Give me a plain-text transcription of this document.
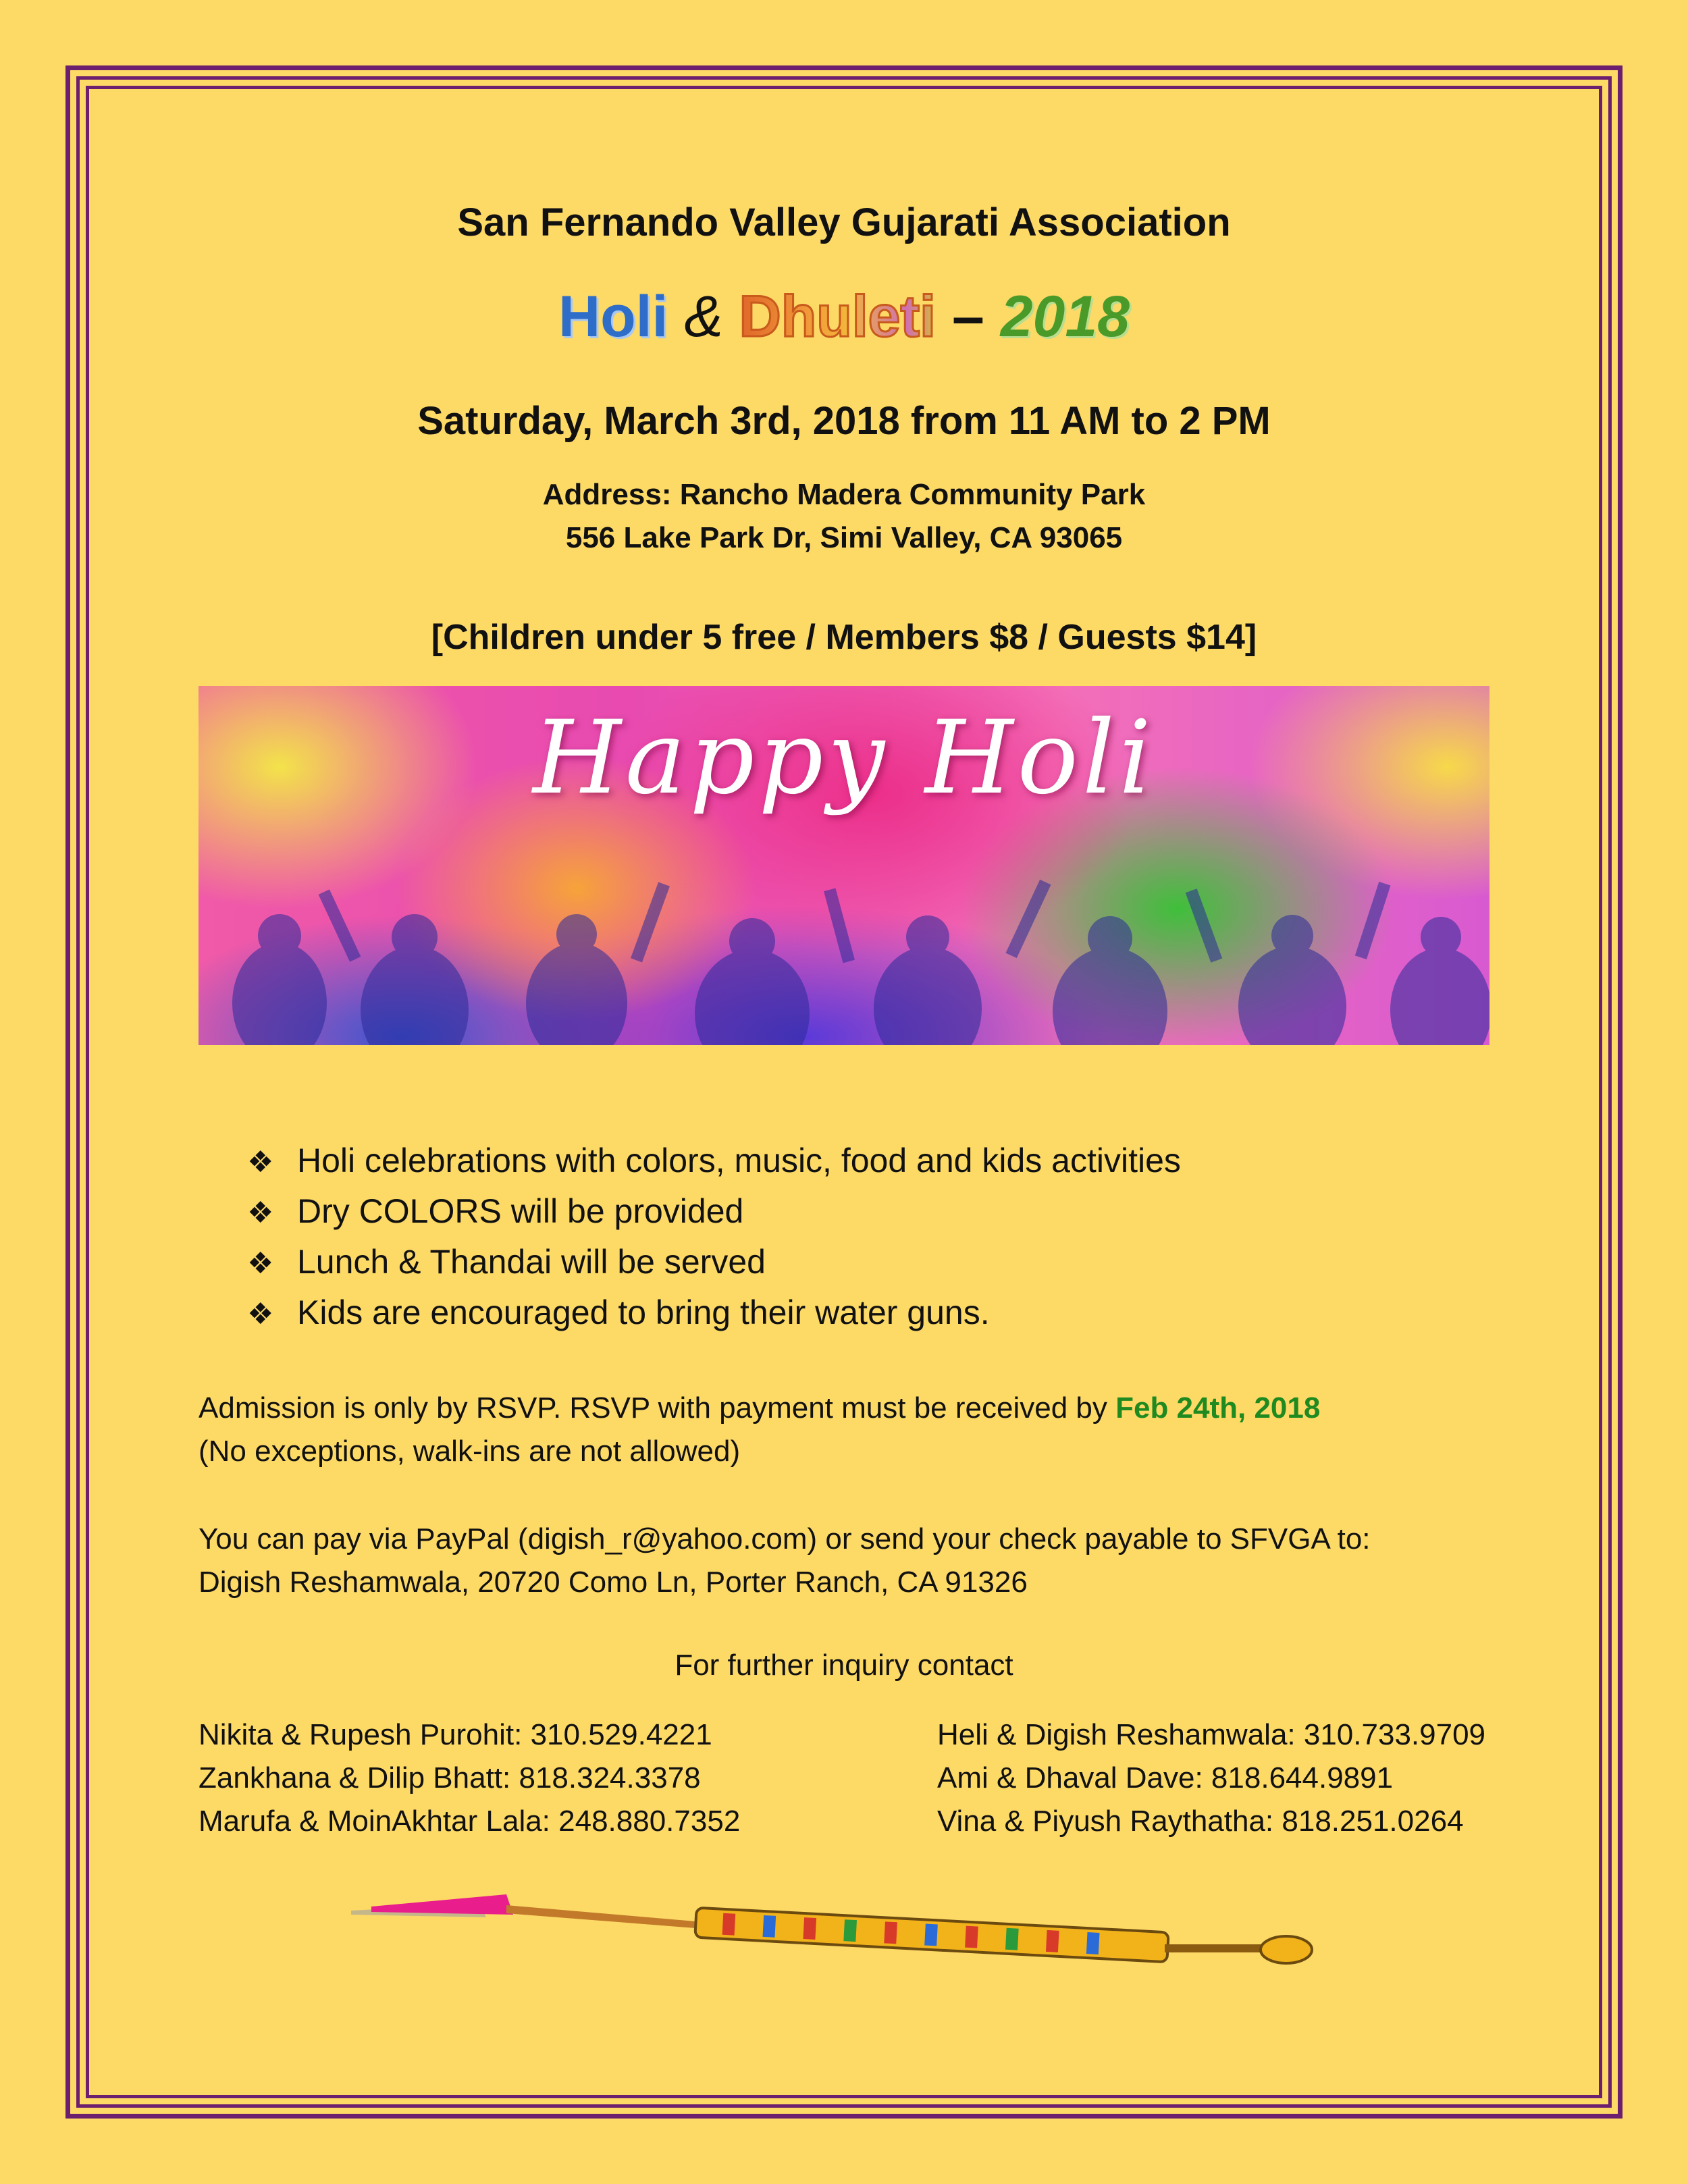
San Fernando Valley Gujarati Association
Holi & Dhuleti – 2018
Saturday, March 3rd, 2018 from 11 AM to 2 PM
Address: Rancho Madera Community Park
556 Lake Park Dr, Simi Valley, CA 93065
[Children under 5 free / Members $8 / Guests $14]
Happy Holi
❖ Holi celebrations with colors, music, food and kids activities
❖ Dry COLORS will be provided
❖ Lunch & Thandai will be served
❖ Kids are encouraged to bring their water guns.
Admission is only by RSVP. RSVP with payment must be received by Feb 24th, 2018
(No exceptions, walk-ins are not allowed)
You can pay via PayPal (digish_r@yahoo.com) or send your check payable to SFVGA to:
Digish Reshamwala, 20720 Como Ln, Porter Ranch, CA 91326
For further inquiry contact
Nikita & Rupesh Purohit: 310.529.4221
Zankhana & Dilip Bhatt: 818.324.3378
Marufa & MoinAkhtar Lala: 248.880.7352
Heli & Digish Reshamwala: 310.733.9709
Ami & Dhaval Dave: 818.644.9891
Vina & Piyush Raythatha: 818.251.0264
